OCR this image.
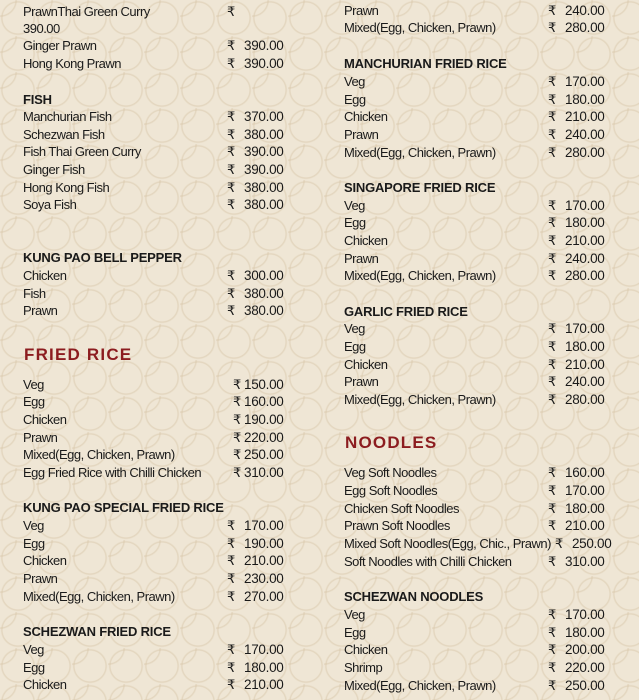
PrawnThai Green Curry	₹
390.00
Ginger Prawn	₹ 390.00
Hong Kong Prawn	₹ 390.00
FISH
Manchurian Fish	₹ 370.00
Schezwan Fish	₹ 380.00
Fish Thai Green Curry	₹ 390.00
Ginger Fish	₹ 390.00
Hong Kong Fish	₹ 380.00
Soya Fish	₹ 380.00
KUNG PAO BELL PEPPER
Chicken	₹ 300.00
Fish	₹ 380.00
Prawn	₹ 380.00
FRIED RICE
Veg	₹ 150.00
Egg	₹ 160.00
Chicken	₹ 190.00
Prawn	₹ 220.00
Mixed(Egg, Chicken, Prawn)	₹ 250.00
Egg Fried Rice with Chilli Chicken	₹ 310.00
KUNG PAO SPECIAL FRIED RICE
Veg	₹ 170.00
Egg	₹ 190.00
Chicken	₹ 210.00
Prawn	₹ 230.00
Mixed(Egg, Chicken, Prawn)	₹ 270.00
SCHEZWAN FRIED RICE
Veg	₹ 170.00
Egg	₹ 180.00
Chicken	₹ 210.00
Prawn	₹ 240.00
Mixed(Egg, Chicken, Prawn)	₹ 280.00
MANCHURIAN FRIED RICE
Veg	₹ 170.00
Egg	₹ 180.00
Chicken	₹ 210.00
Prawn	₹ 240.00
Mixed(Egg, Chicken, Prawn)	₹ 280.00
SINGAPORE FRIED RICE
Veg	₹ 170.00
Egg	₹ 180.00
Chicken	₹ 210.00
Prawn	₹ 240.00
Mixed(Egg, Chicken, Prawn)	₹ 280.00
GARLIC FRIED RICE
Veg	₹ 170.00
Egg	₹ 180.00
Chicken	₹ 210.00
Prawn	₹ 240.00
Mixed(Egg, Chicken, Prawn)	₹ 280.00
NOODLES
Veg Soft Noodles	₹ 160.00
Egg Soft Noodles	₹ 170.00
Chicken Soft Noodles	₹ 180.00
Prawn Soft Noodles	₹ 210.00
Mixed Soft Noodles(Egg, Chic., Prawn) ₹ 250.00
Soft Noodles with Chilli Chicken	₹ 310.00
SCHEZWAN NOODLES
Veg	₹ 170.00
Egg	₹ 180.00
Chicken	₹ 200.00
Shrimp	₹ 220.00
Mixed(Egg, Chicken, Prawn)	₹ 250.00
